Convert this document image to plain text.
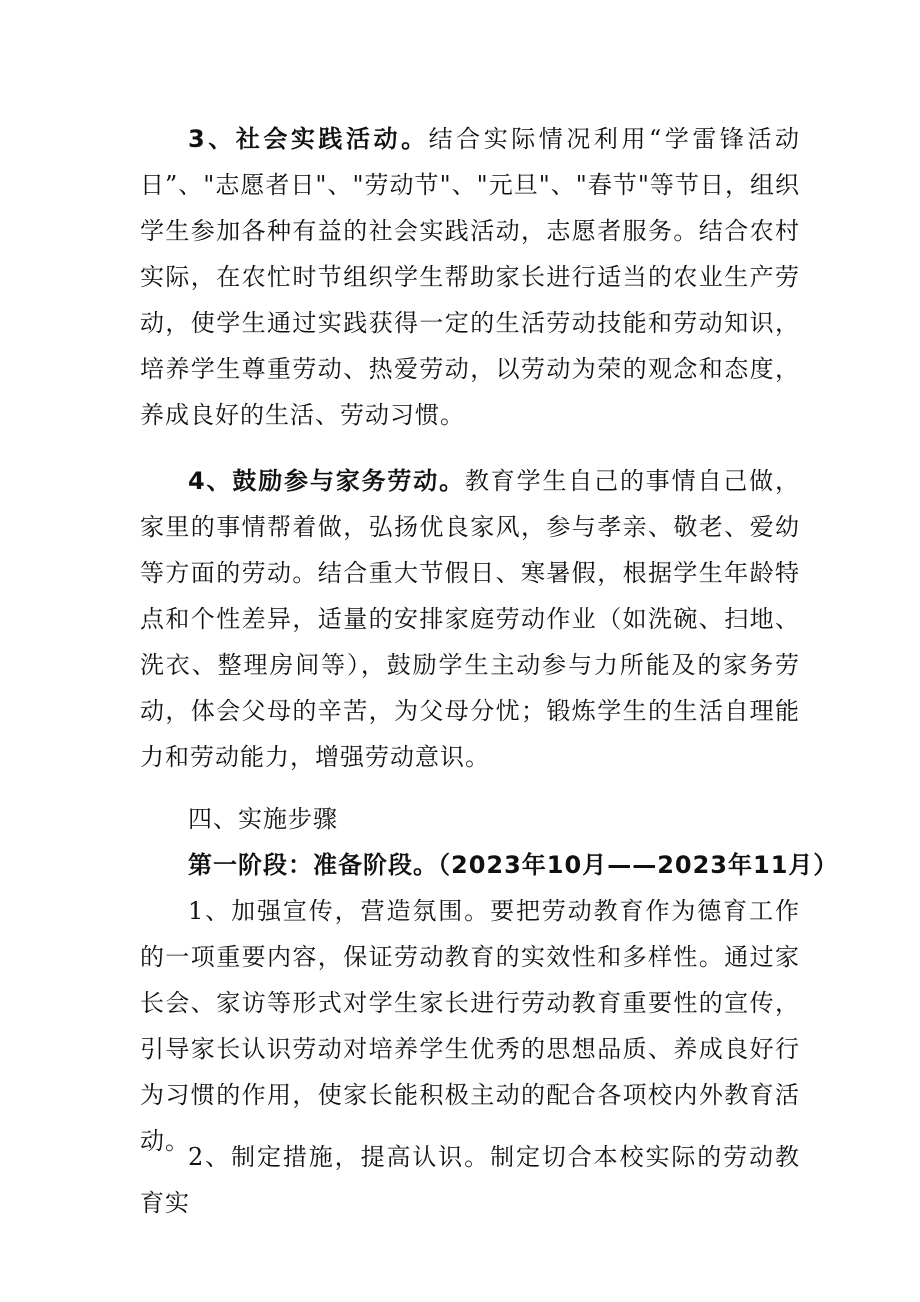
3、社会实践活动。结合实际情况利用“学雷锋活动日”、"志愿者日"、"劳动节"、"元旦"、"春节"等节日，组织学生参加各种有益的社会实践活动，志愿者服务。结合农村实际，在农忙时节组织学生帮助家长进行适当的农业生产劳动，使学生通过实践获得一定的生活劳动技能和劳动知识，培养学生尊重劳动、热爱劳动，以劳动为荣的观念和态度，养成良好的生活、劳动习惯。

4、鼓励参与家务劳动。教育学生自己的事情自己做，家里的事情帮着做，弘扬优良家风，参与孝亲、敬老、爱幼等方面的劳动。结合重大节假日、寒暑假，根据学生年龄特点和个性差异，适量的安排家庭劳动作业（如洗碗、扫地、洗衣、整理房间等），鼓励学生主动参与力所能及的家务劳动，体会父母的辛苦，为父母分忧；锻炼学生的生活自理能力和劳动能力，增强劳动意识。

四、实施步骤

第一阶段：准备阶段。（2023年10月——2023年11月）

1、加强宣传，营造氛围。要把劳动教育作为德育工作的一项重要内容，保证劳动教育的实效性和多样性。通过家长会、家访等形式对学生家长进行劳动教育重要性的宣传，引导家长认识劳动对培养学生优秀的思想品质、养成良好行为习惯的作用，使家长能积极主动的配合各项校内外教育活动。

2、制定措施，提高认识。制定切合本校实际的劳动教育实
